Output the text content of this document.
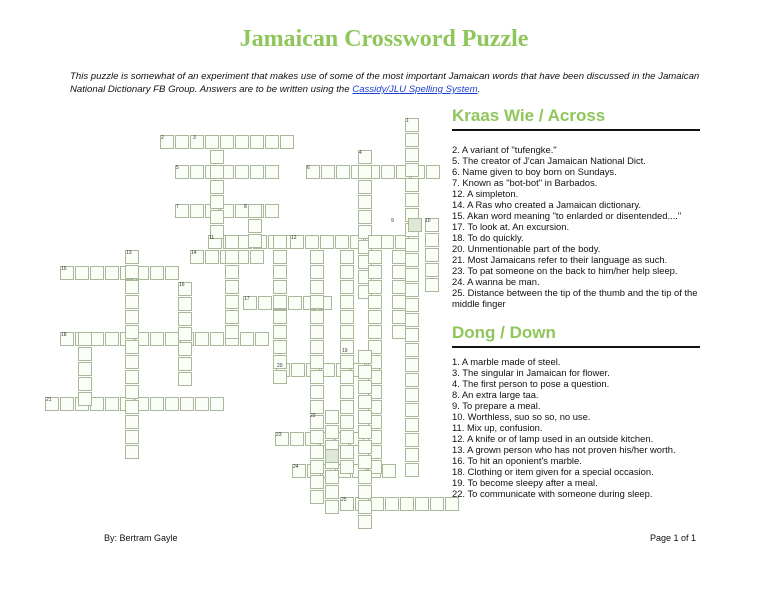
Jamaican Crossword Puzzle
This puzzle is somewhat of an experiment that makes use of some of the most important Jamaican words that have been discussed in the Jamaican National Dictionary FB Group. Answers are to be written using the Cassidy/JLU Spelling System.
1
2	3
4
5	6
7	8
9	10
11	12
13	14
15
16
17
18
19
20
21
22
23
24
25
Kraas Wie / Across
2. A variant of "tufengke."
5. The creator of J'can Jamaican National Dict.
6. Name given to boy born on Sundays.
7. Known as "bot-bot" in Barbados.
12. A simpleton.
14. A Ras who created a Jamaican dictionary.
15. Akan word meaning "to enlarded or disentended...."
17. To look at. An excursion.
18. To do quickly.
20. Unmentionable part of the body.
21. Most Jamaicans refer to their language as such.
23. To pat someone on the back to him/her help sleep.
24. A wanna be man.
25. Distance between the tip of the thumb and the tip of the middle finger
Dong / Down
1. A marble made of steel.
3. The singular in Jamaican for flower.
4. The first person to pose a question.
8. An extra large taa.
9. To prepare a meal.
10. Worthless, suo so so, no use.
11. Mix up, confusion.
12. A knife or of lamp used in an outside kitchen.
13. A grown person who has not proven his/her worth.
16. To hit an oponient's marble.
18. Clothing or item given for a special occasion.
19. To become sleepy after a meal.
22. To communicate with someone during sleep.
By: Bertram Gayle	Page 1 of 1
